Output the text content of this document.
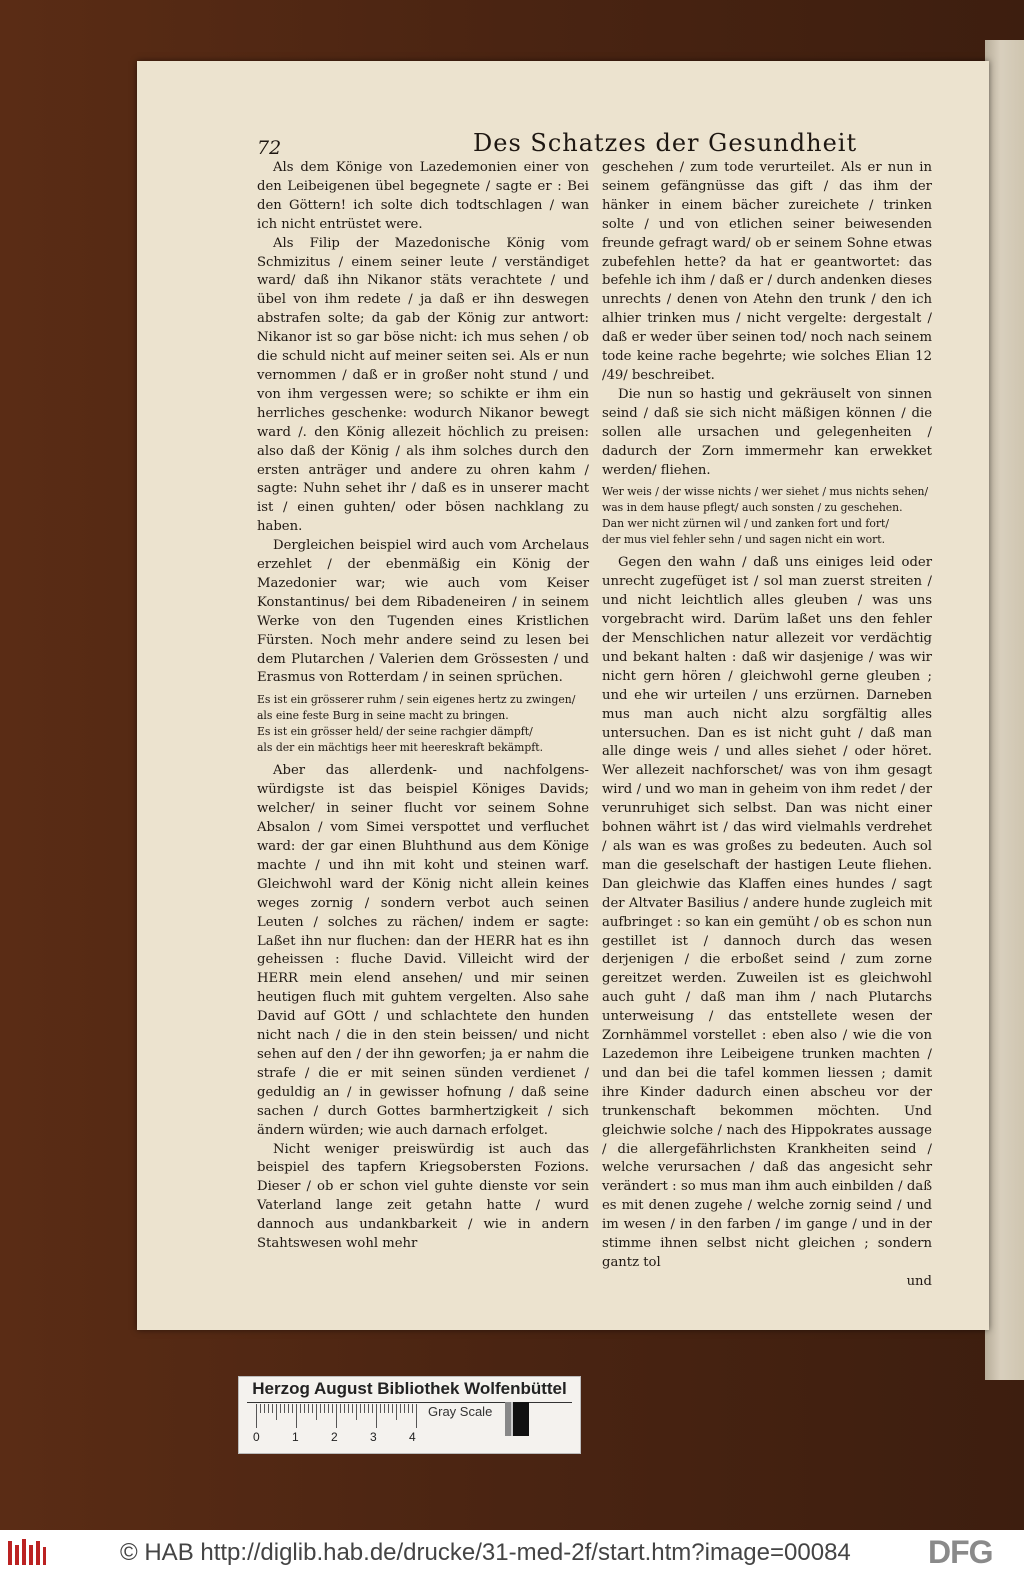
72	Des Schatzes der Gesundheit

Als dem Könige von Lazedemonien einer von den Leibeigenen übel begegnete / sagte er : Bei den Göttern! ich solte dich todtschlagen / wan ich nicht entrüstet were.

Als Filip der Mazedonische König vom Schmizitus / einem seiner leute / verständiget ward/ daß ihn Nikanor stäts verachtete / und übel von ihm redete / ja daß er ihn deswegen abstrafen solte; da gab der König zur antwort: Nikanor ist so gar böse nicht: ich mus sehen / ob die schuld nicht auf meiner seiten sei. Als er nun vernommen / daß er in großer noht stund / und von ihm vergessen were; so schikte er ihm ein herrliches geschenke: wodurch Nikanor bewegt ward /. den König allezeit höchlich zu preisen: also daß der König / als ihm solches durch den ersten anträger und andere zu ohren kahm / sagte: Nuhn sehet ihr / daß es in unserer macht ist / einen guhten/ oder bösen nachklang zu haben.

Dergleichen beispiel wird auch vom Archelaus erzehlet / der ebenmäßig ein König der Mazedonier war; wie auch vom Keiser Konstantinus/ bei dem Ribadeneiren / in seinem Werke von den Tugenden eines Kristlichen Fürsten. Noch mehr andere seind zu lesen bei dem Plutarchen / Valerien dem Grössesten / und Erasmus von Rotterdam / in seinen sprüchen.

Es ist ein grösserer ruhm / sein eigenes hertz zu zwingen/

als eine feste Burg in seine macht zu bringen.

Es ist ein grösser held/ der seine rachgier dämpft/

als der ein mächtigs heer mit heereskraft bekämpft.

Aber das allerdenk- und nachfolgens-würdigste ist das beispiel Königes Davids; welcher/ in seiner flucht vor seinem Sohne Absalon / vom Simei verspottet und verfluchet ward: der gar einen Bluhthund aus dem Könige machte / und ihn mit koht und steinen warf. Gleichwohl ward der König nicht allein keines weges zornig / sondern verbot auch seinen Leuten / solches zu rächen/ indem er sagte: Laßet ihn nur fluchen: dan der HERR hat es ihn geheissen : fluche David. Villeicht wird der HERR mein elend ansehen/ und mir seinen heutigen fluch mit guhtem vergelten. Also sahe David auf GOtt / und schlachtete den hunden nicht nach / die in den stein beissen/ und nicht sehen auf den / der ihn geworfen; ja er nahm die strafe / die er mit seinen sünden verdienet / geduldig an / in gewisser hofnung / daß seine sachen / durch Gottes barmhertzigkeit / sich ändern würden; wie auch darnach erfolget.

Nicht weniger preiswürdig ist auch das beispiel des tapfern Kriegsobersten Fozions. Dieser / ob er schon viel guhte dienste vor sein Vaterland lange zeit getahn hatte / wurd dannoch aus undankbarkeit / wie in andern Stahtswesen wohl mehr

geschehen / zum tode verurteilet. Als er nun in seinem gefängnüsse das gift / das ihm der hänker in einem bächer zureichete / trinken solte / und von etlichen seiner beiwesenden freunde gefragt ward/ ob er seinem Sohne etwas zubefehlen hette? da hat er geantwortet: das befehle ich ihm / daß er / durch andenken dieses unrechts / denen von Atehn den trunk / den ich alhier trinken mus / nicht vergelte: dergestalt / daß er weder über seinen tod/ noch nach seinem tode keine rache begehrte; wie solches Elian 12 /49/ beschreibet.

Die nun so hastig und gekräuselt von sinnen seind / daß sie sich nicht mäßigen können / die sollen alle ursachen und gelegenheiten / dadurch der Zorn immermehr kan erwekket werden/ fliehen.

Wer weis / der wisse nichts / wer siehet / mus nichts sehen/

was in dem hause pflegt/ auch sonsten / zu geschehen.

Dan wer nicht zürnen wil / und zanken fort und fort/

der mus viel fehler sehn / und sagen nicht ein wort.

Gegen den wahn / daß uns einiges leid oder unrecht zugefüget ist / sol man zuerst streiten / und nicht leichtlich alles gleuben / was uns vorgebracht wird. Darüm laßet uns den fehler der Menschlichen natur allezeit vor verdächtig und bekant halten : daß wir dasjenige / was wir nicht gern hören / gleichwohl gerne gleuben ; und ehe wir urteilen / uns erzürnen. Darneben mus man auch nicht alzu sorgfältig alles untersuchen. Dan es ist nicht guht / daß man alle dinge weis / und alles siehet / oder höret. Wer allezeit nachforschet/ was von ihm gesagt wird / und wo man in geheim von ihm redet / der verunruhiget sich selbst. Dan was nicht einer bohnen währt ist / das wird vielmahls verdrehet / als wan es was großes zu bedeuten. Auch sol man die geselschaft der hastigen Leute fliehen. Dan gleichwie das Klaffen eines hundes / sagt der Altvater Basilius / andere hunde zugleich mit aufbringet : so kan ein gemüht / ob es schon nun gestillet ist / dannoch durch das wesen derjenigen / die erboßet seind / zum zorne gereitzet werden. Zuweilen ist es gleichwohl auch guht / daß man ihm / nach Plutarchs unterweisung / das entstellete wesen der Zornhämmel vorstellet : eben also / wie die von Lazedemon ihre Leibeigene trunken machten / und dan bei die tafel kommen liessen ; damit ihre Kinder dadurch einen abscheu vor der trunkenschaft bekommen möchten. Und gleichwie solche / nach des Hippokrates aussage / die allergefährlichsten Krankheiten seind / welche verursachen / daß das angesicht sehr verändert : so mus man ihm auch einbilden / daß es mit denen zugehe / welche zornig seind / und im wesen / in den farben / im gange / und in der stimme ihnen selbst nicht gleichen ; sondern gantz tol

und
Herzog August Bibliothek Wolfenbüttel
0	1	2	3	4
Gray Scale
© HAB http://diglib.hab.de/drucke/31-med-2f/start.htm?image=00084 DFG
